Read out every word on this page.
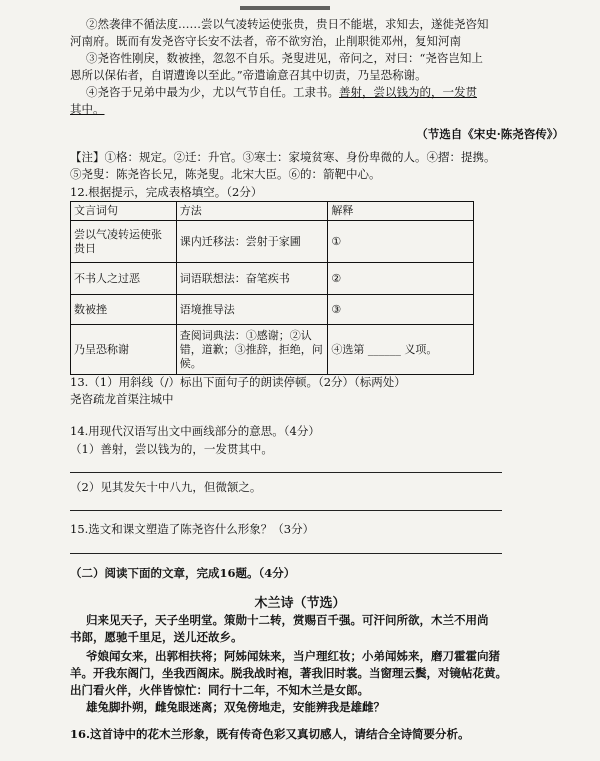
②然袭律不循法度……尝以气凌转运使张贵，贵日不能堪，求知去，遂徙尧咨知
河南府。既而有发尧咨守长安不法者，帝不欲穷治，止削职徙邓州，复知河南
③尧咨性刚戾，数被挫，忽忽不自乐。尧叟进见，帝问之，对曰：“尧咨岂知上
恩所以保佑者，自谓遭谗以至此。”帝遣谕意召其中切责，乃呈恐称谢。
④尧咨于兄弟中最为少，尤以气节自任。工隶书。善射，尝以钱为的，一发贯
其中。
（节选自《宋史·陈尧咨传》）
【注】①格：规定。②迁：升官。③寒士：家境贫寒、身份卑微的人。④摺：提携。
⑤尧叟：陈尧咨长兄，陈尧叟。北宋大臣。⑥的：箭靶中心。
12.根据提示，完成表格填空。（2分）
文言词句	方法	解释
尝以气凌转运使张贵日	课内迁移法：尝射于家圃	①
不书人之过恶	词语联想法：奋笔疾书	②
数被挫	语境推导法	③
乃呈恐称谢	查阅词典法：①感谢；②认错，道歉；③推辞，拒绝，问候。	④选第 ______ 义项。
13.（1）用斜线（/）标出下面句子的朗读停顿。（2分）（标两处）
尧咨疏龙首渠注城中
14.用现代汉语写出文中画线部分的意思。（4分）
（1）善射，尝以钱为的，一发贯其中。
（2）见其发矢十中八九，但微颔之。
15.选文和课文塑造了陈尧咨什么形象？（3分）
（二）阅读下面的文章，完成16题。（4分）
木兰诗（节选）
归来见天子，天子坐明堂。策勋十二转，赏赐百千强。可汗问所欲，木兰不用尚
书郎，愿驰千里足，送儿还故乡。
爷娘闻女来，出郭相扶将；阿姊闻妹来，当户理红妆；小弟闻姊来，磨刀霍霍向猪
羊。开我东阁门，坐我西阁床。脱我战时袍，著我旧时裳。当窗理云鬓，对镜帖花黄。
出门看火伴，火伴皆惊忙：同行十二年，不知木兰是女郎。
雄兔脚扑朔，雌兔眼迷离；双兔傍地走，安能辨我是雄雌？
16.这首诗中的花木兰形象，既有传奇色彩又真切感人，请结合全诗简要分析。
